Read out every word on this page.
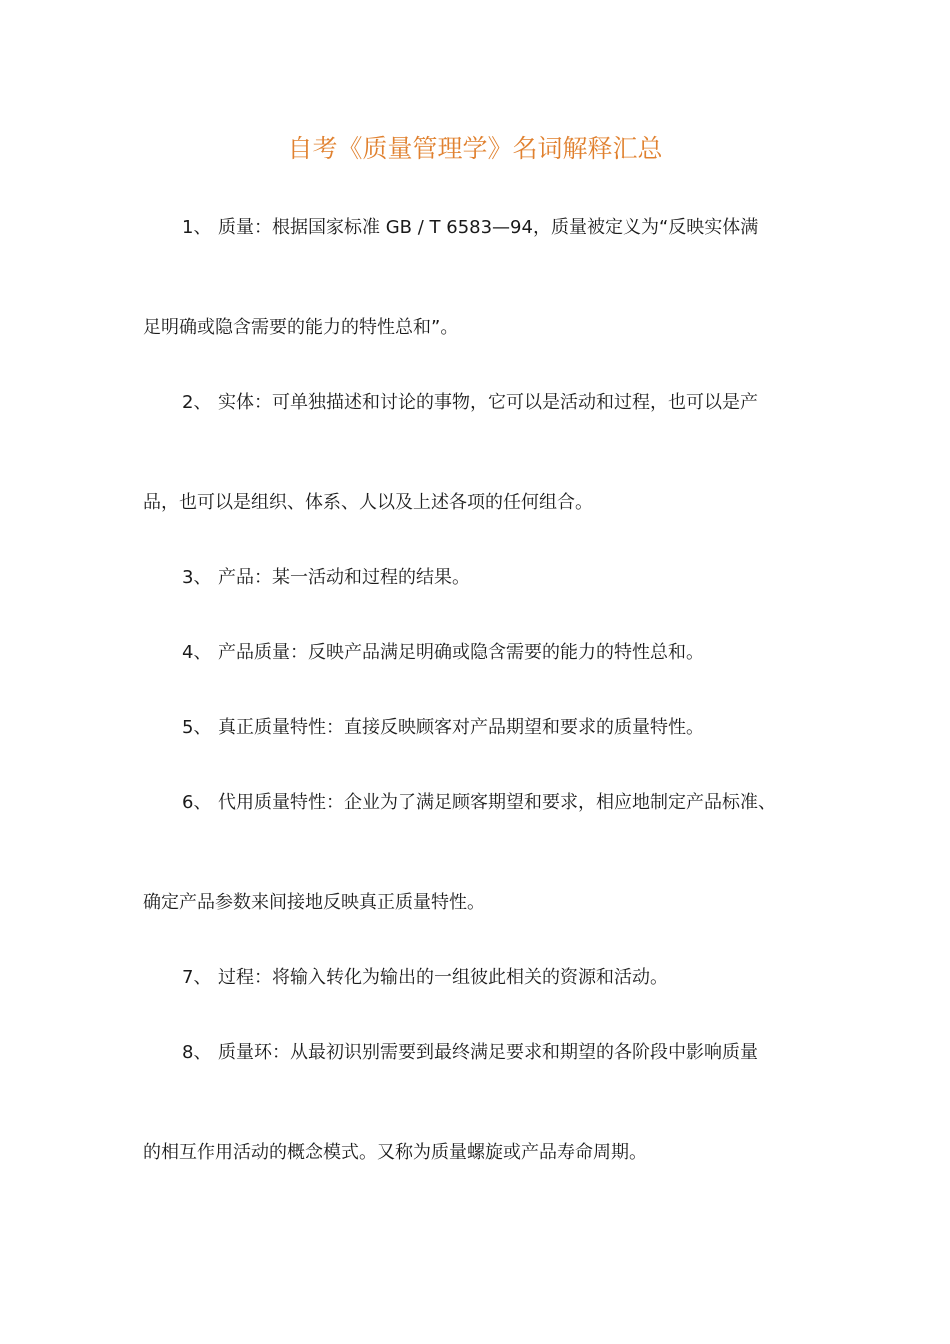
自考《质量管理学》名词解释汇总
1、 质量：根据国家标准 GB / T 6583—94，质量被定义为“反映实体满
足明确或隐含需要的能力的特性总和”。
2、 实体：可单独描述和讨论的事物，它可以是活动和过程，也可以是产
品，也可以是组织、体系、人以及上述各项的任何组合。
3、 产品：某一活动和过程的结果。
4、 产品质量：反映产品满足明确或隐含需要的能力的特性总和。
5、 真正质量特性：直接反映顾客对产品期望和要求的质量特性。
6、 代用质量特性：企业为了满足顾客期望和要求，相应地制定产品标准、
确定产品参数来间接地反映真正质量特性。
7、 过程：将输入转化为输出的一组彼此相关的资源和活动。
8、 质量环：从最初识别需要到最终满足要求和期望的各阶段中影响质量
的相互作用活动的概念模式。又称为质量螺旋或产品寿命周期。
